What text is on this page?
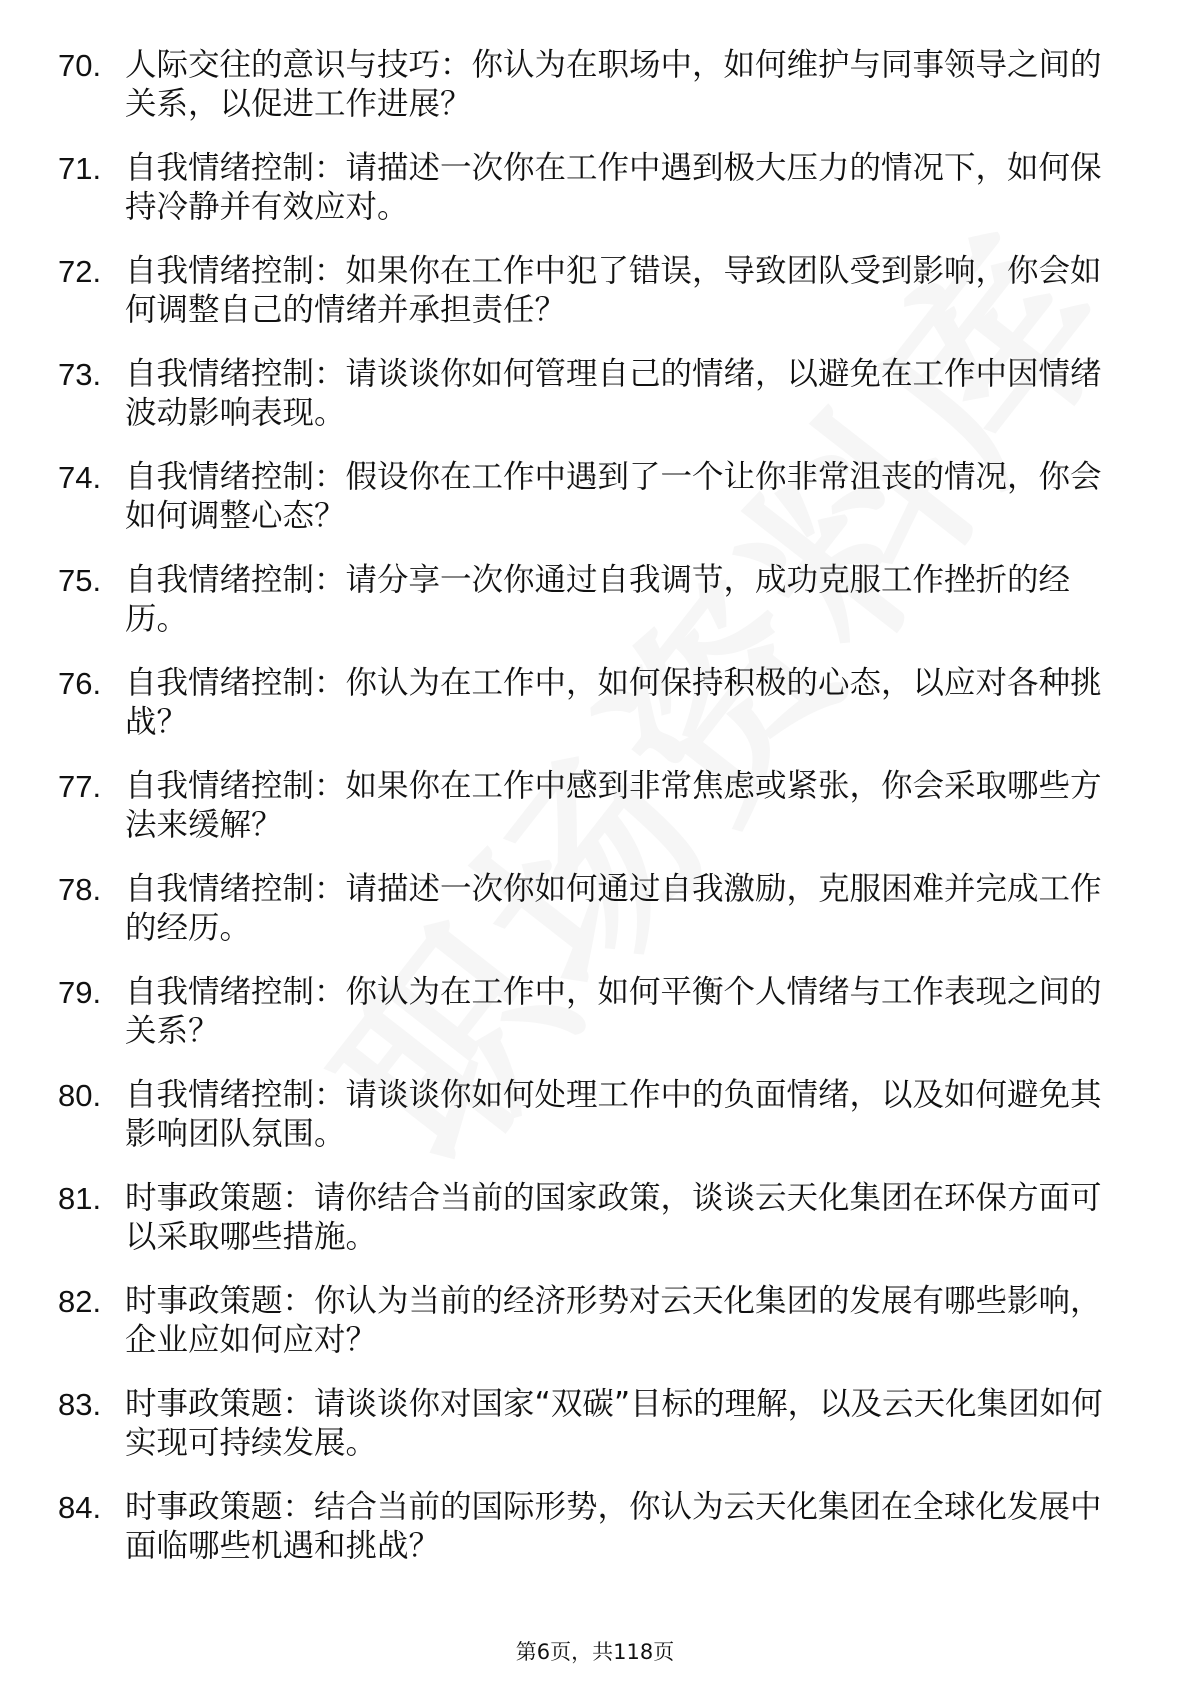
70. 人际交往的意识与技巧：你认为在职场中，如何维护与同事领导之间的关系，以促进工作进展？
71. 自我情绪控制：请描述一次你在工作中遇到极大压力的情况下，如何保持冷静并有效应对。
72. 自我情绪控制：如果你在工作中犯了错误，导致团队受到影响，你会如何调整自己的情绪并承担责任？
73. 自我情绪控制：请谈谈你如何管理自己的情绪，以避免在工作中因情绪波动影响表现。
74. 自我情绪控制：假设你在工作中遇到了一个让你非常沮丧的情况，你会如何调整心态？
75. 自我情绪控制：请分享一次你通过自我调节，成功克服工作挫折的经历。
76. 自我情绪控制：你认为在工作中，如何保持积极的心态，以应对各种挑战？
77. 自我情绪控制：如果你在工作中感到非常焦虑或紧张，你会采取哪些方法来缓解？
78. 自我情绪控制：请描述一次你如何通过自我激励，克服困难并完成工作的经历。
79. 自我情绪控制：你认为在工作中，如何平衡个人情绪与工作表现之间的关系？
80. 自我情绪控制：请谈谈你如何处理工作中的负面情绪，以及如何避免其影响团队氛围。
81. 时事政策题：请你结合当前的国家政策，谈谈云天化集团在环保方面可以采取哪些措施。
82. 时事政策题：你认为当前的经济形势对云天化集团的发展有哪些影响，企业应如何应对？
83. 时事政策题：请谈谈你对国家“双碳”目标的理解，以及云天化集团如何实现可持续发展。
84. 时事政策题：结合当前的国际形势，你认为云天化集团在全球化发展中面临哪些机遇和挑战？
第6页，共118页
